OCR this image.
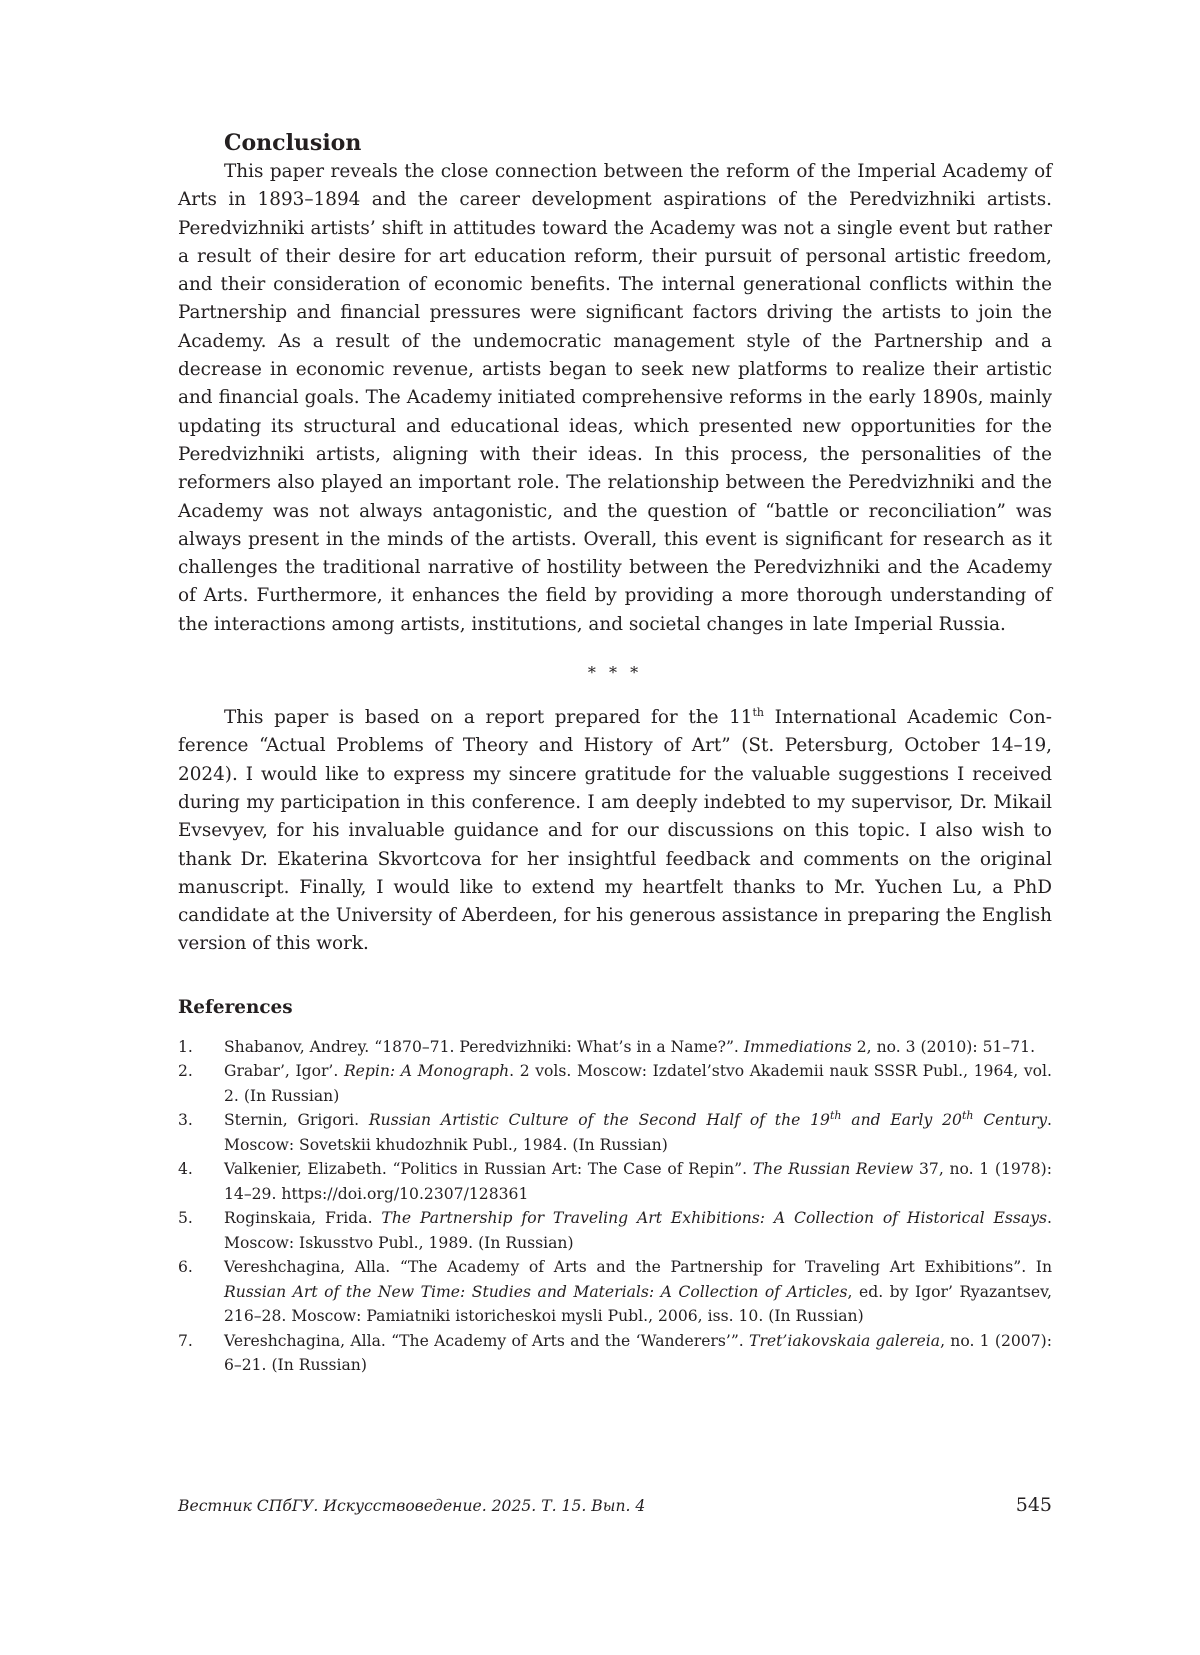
Conclusion

This paper reveals the close connection between the reform of the Imperial Academy of Arts in 1893–1894 and the career development aspirations of the Peredvizhniki artists. Peredvizhniki artists’ shift in attitudes toward the Academy was not a single event but rather a result of their desire for art education reform, their pursuit of personal artistic freedom, and their consideration of economic benefits. The internal generational conflicts within the Partnership and financial pressures were significant factors driving the artists to join the Academy. As a result of the undemocratic management style of the Partnership and a decrease in economic revenue, artists began to seek new platforms to realize their artistic and financial goals. The Academy initiated comprehensive reforms in the early 1890s, mainly updating its structural and educational ideas, which presented new opportunities for the Peredvizhniki artists, aligning with their ideas. In this process, the personalities of the reformers also played an important role. The relationship between the Peredvizhniki and the Academy was not always antagonistic, and the question of “battle or reconciliation” was always present in the minds of the artists. Overall, this event is significant for research as it challenges the traditional narrative of hostility between the Peredvizhniki and the Academy of Arts. Furthermore, it enhances the field by providing a more thorough understanding of the interactions among artists, institutions, and societal changes in late Imperial Russia.

* * *

This paper is based on a report prepared for the 11th International Academic Conference “Actual Problems of Theory and History of Art” (St. Petersburg, October 14–19, 2024). I would like to express my sincere gratitude for the valuable suggestions I received during my participation in this conference. I am deeply indebted to my supervisor, Dr. Mikail Evsevyev, for his invaluable guidance and for our discussions on this topic. I also wish to thank Dr. Ekaterina Skvortcova for her insightful feedback and comments on the original manuscript. Finally, I would like to extend my heartfelt thanks to Mr. Yuchen Lu, a PhD candidate at the University of Aberdeen, for his generous assistance in preparing the English version of this work.

References
1.	Shabanov, Andrey. “1870–71. Peredvizhniki: What’s in a Name?”. Immediations 2, no. 3 (2010): 51–71.
2.	Grabar’, Igor’. Repin: A Monograph. 2 vols. Moscow: Izdatel’stvo Akademii nauk SSSR Publ., 1964, vol. 2. (In Russian)
3.	Sternin, Grigori. Russian Artistic Culture of the Second Half of the 19th and Early 20th Century. Moscow: Sovetskii khudozhnik Publ., 1984. (In Russian)
4.	Valkenier, Elizabeth. “Politics in Russian Art: The Case of Repin”. The Russian Review 37, no. 1 (1978): 14–29. https://doi.org/10.2307/128361
5.	Roginskaia, Frida. The Partnership for Traveling Art Exhibitions: A Collection of Historical Essays. Moscow: Iskusstvo Publ., 1989. (In Russian)
6.	Vereshchagina, Alla. “The Academy of Arts and the Partnership for Traveling Art Exhibitions”. In Russian Art of the New Time: Studies and Materials: A Collection of Articles, ed. by Igor’ Ryazantsev, 216–28. Moscow: Pamiatniki istoricheskoi mysli Publ., 2006, iss. 10. (In Russian)
7.	Vereshchagina, Alla. “The Academy of Arts and the ‘Wanderers’”. Tret’iakovskaia galereia, no. 1 (2007): 6–21. (In Russian)
Вестник СПбГУ. Искусствоведение. 2025. Т. 15. Вып. 4	545
